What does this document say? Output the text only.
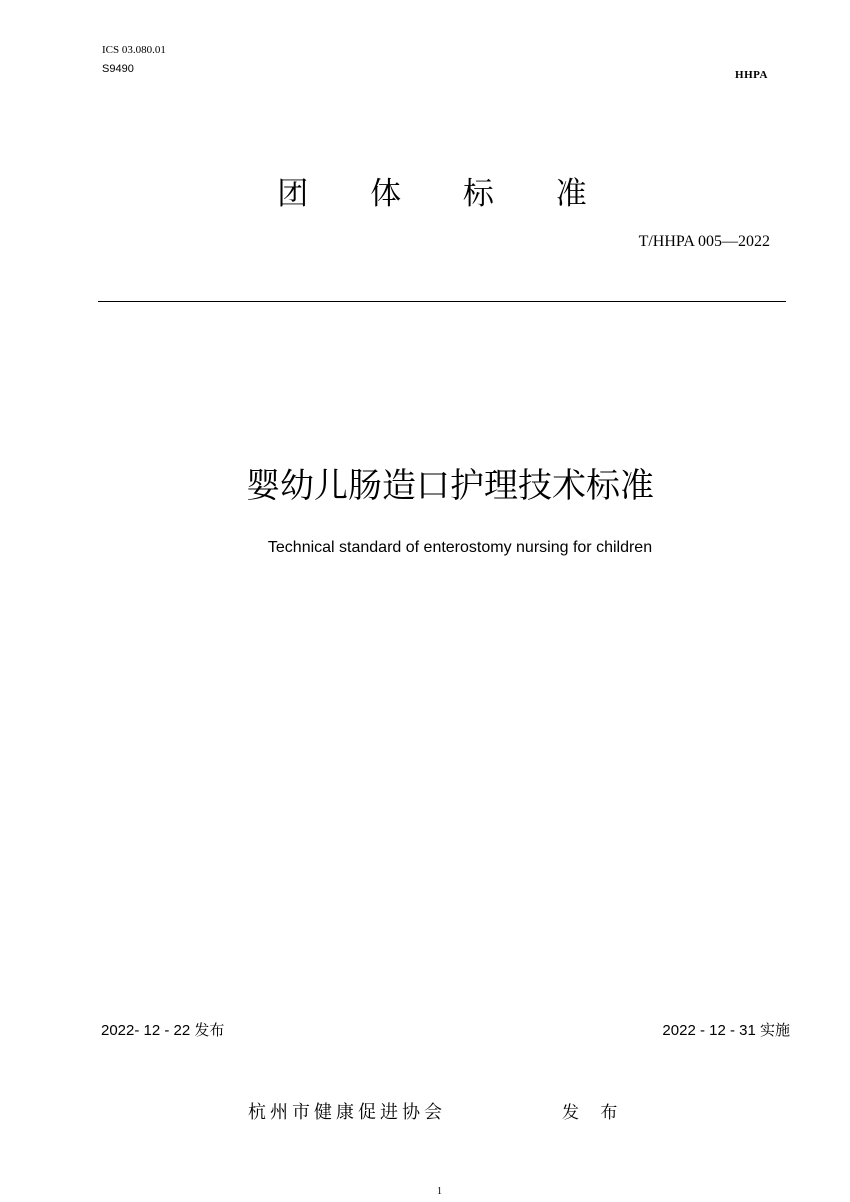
ICS 03.080.01
S9490	HHPA
团 体 标 准
T/HHPA 005—2022
婴幼儿肠造口护理技术标准
Technical standard of enterostomy nursing for children
2022- 12 - 22 发布	2022 - 12 - 31 实施
杭州市健康促进协会	发 布
1
